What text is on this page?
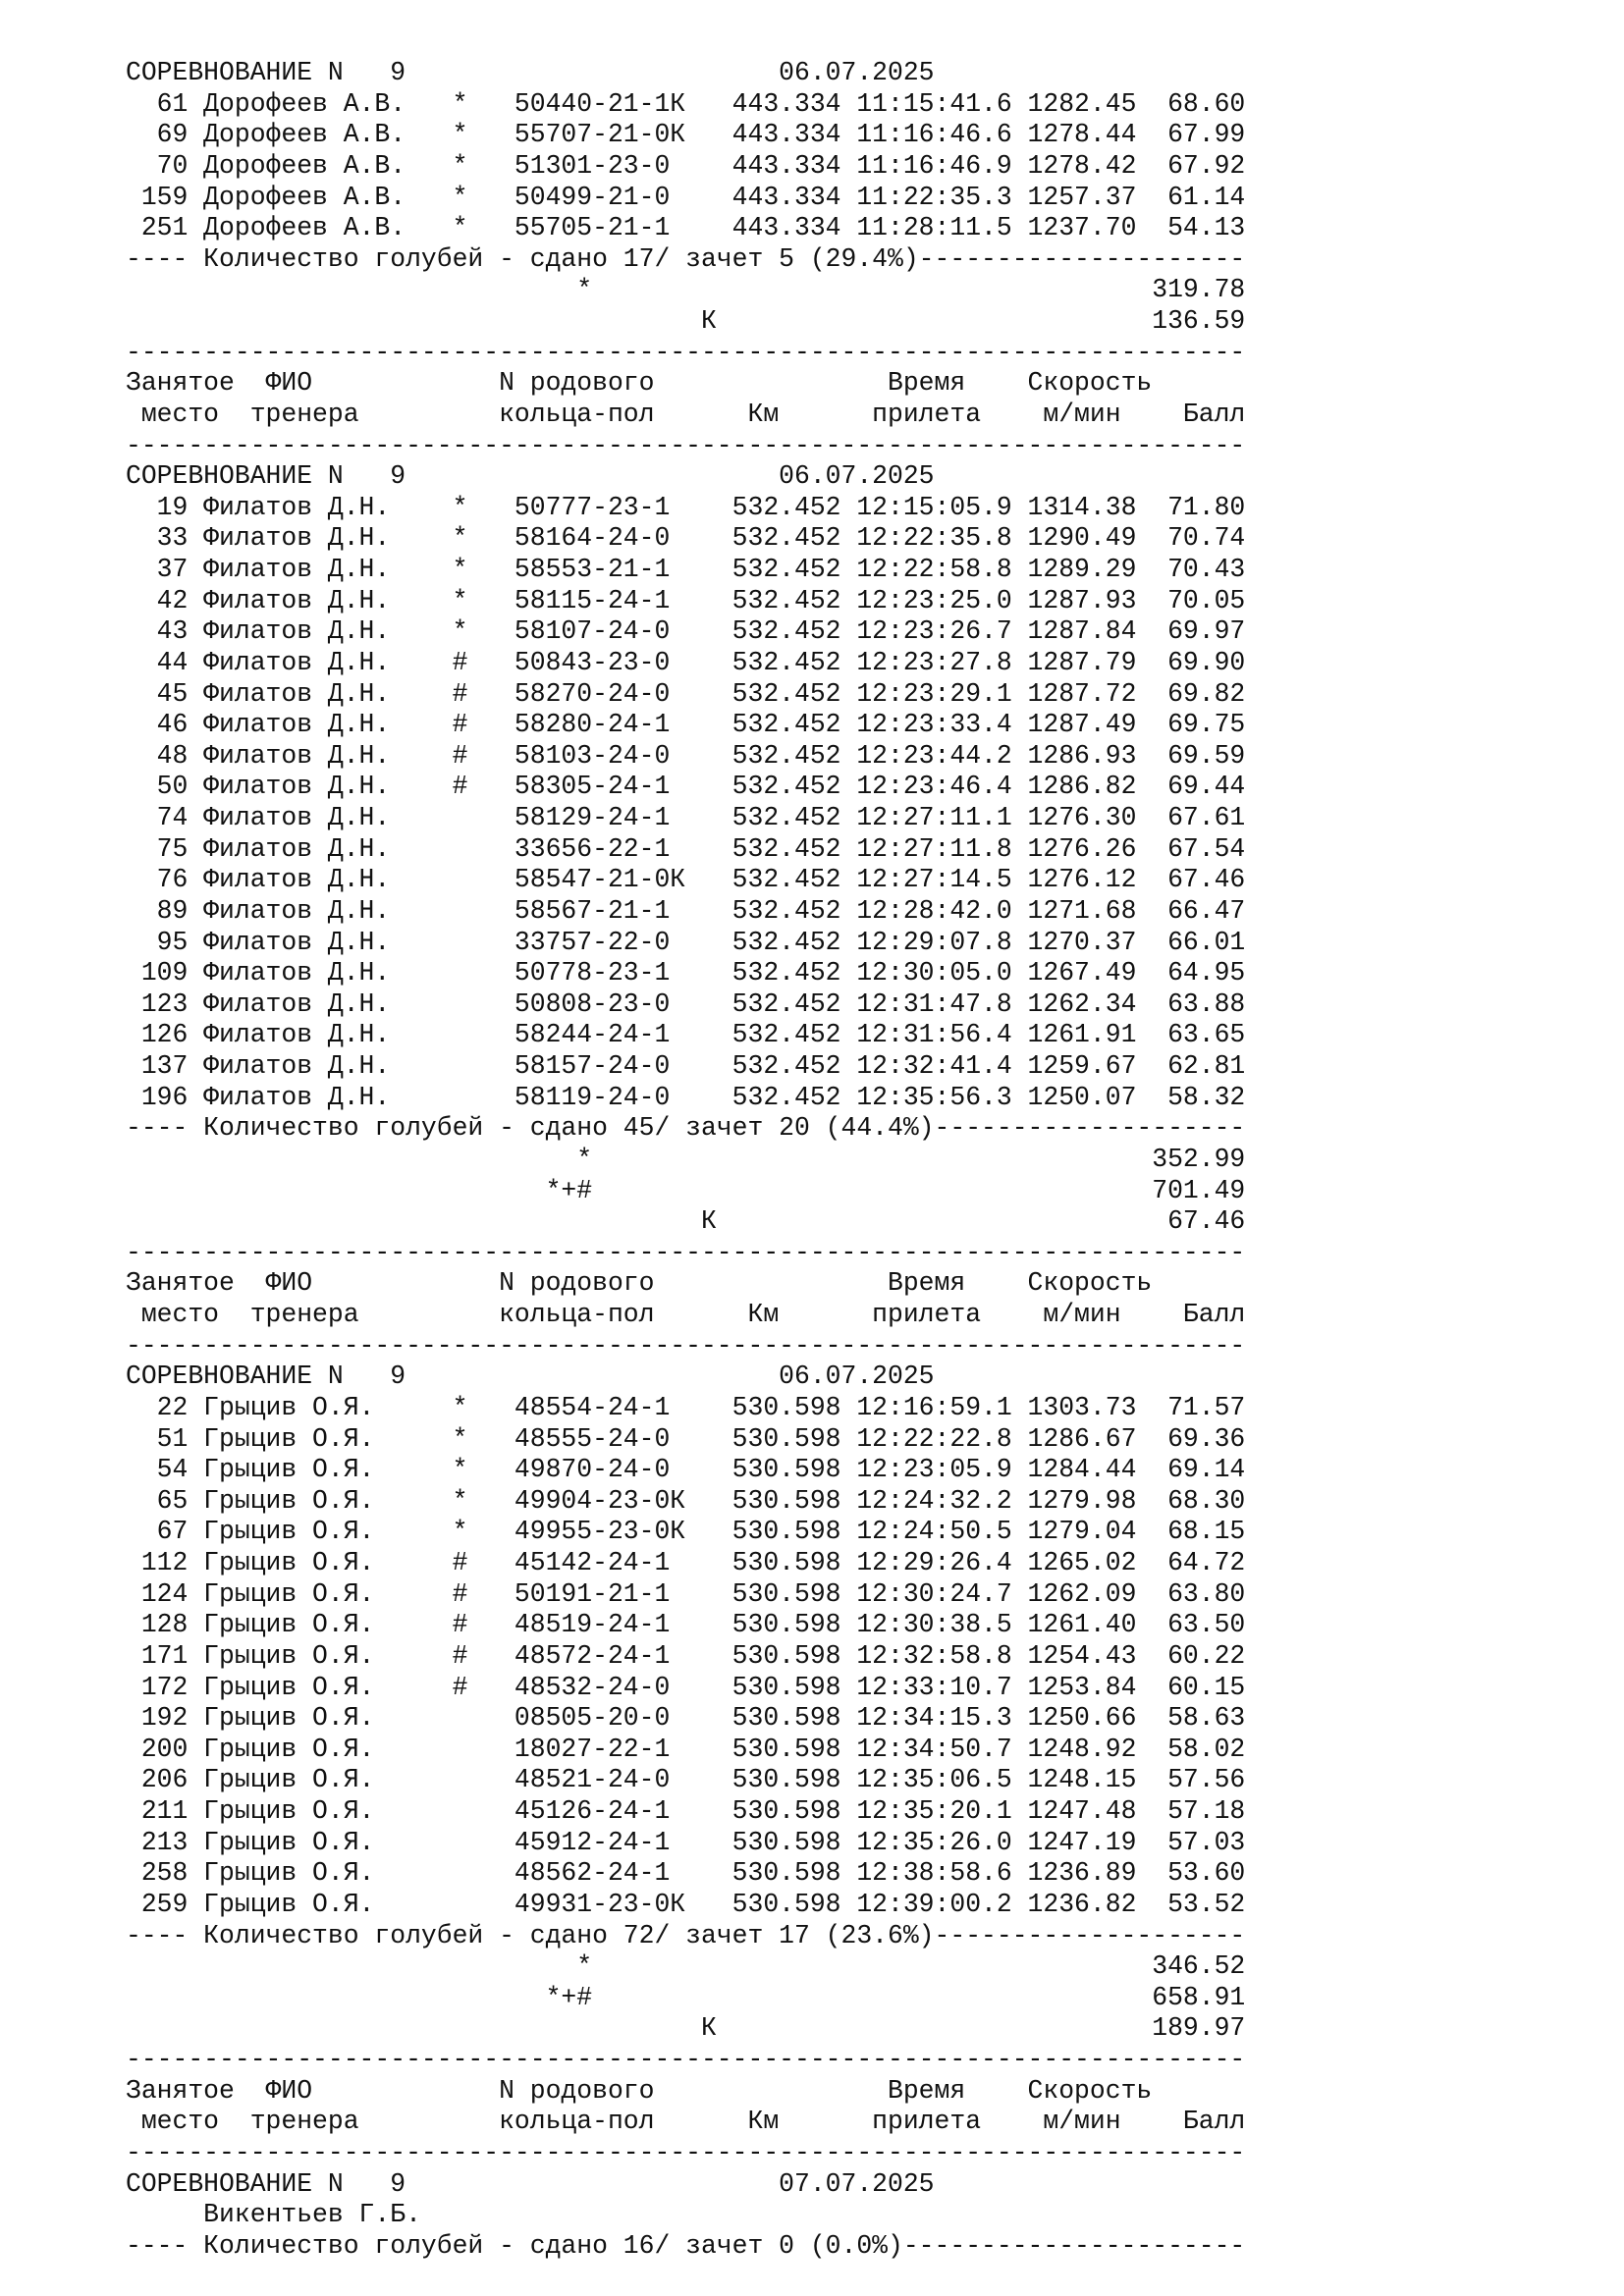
СОРЕВНОВАНИЕ N   9                        06.07.2025
61 Дорофеев А.В.   *   50440-21-1К   443.334 11:15:41.6 1282.45  68.60
69 Дорофеев А.В.   *   55707-21-0К   443.334 11:16:46.6 1278.44  67.99
70 Дорофеев А.В.   *   51301-23-0    443.334 11:16:46.9 1278.42  67.92
159 Дорофеев А.В.   *   50499-21-0    443.334 11:22:35.3 1257.37  61.14
251 Дорофеев А.В.   *   55705-21-1    443.334 11:28:11.5 1237.70  54.13
---- Количество голубей - сдано 17/ зачет 5 (29.4%)---------------------
*                                    319.78
К                            136.59
------------------------------------------------------------------------
Занятое  ФИО            N родового               Время    Скорость
место  тренера         кольца-пол      Км      прилета    м/мин    Балл
------------------------------------------------------------------------
СОРЕВНОВАНИЕ N   9                        06.07.2025
19 Филатов Д.Н.    *   50777-23-1    532.452 12:15:05.9 1314.38  71.80
33 Филатов Д.Н.    *   58164-24-0    532.452 12:22:35.8 1290.49  70.74
37 Филатов Д.Н.    *   58553-21-1    532.452 12:22:58.8 1289.29  70.43
42 Филатов Д.Н.    *   58115-24-1    532.452 12:23:25.0 1287.93  70.05
43 Филатов Д.Н.    *   58107-24-0    532.452 12:23:26.7 1287.84  69.97
44 Филатов Д.Н.    #   50843-23-0    532.452 12:23:27.8 1287.79  69.90
45 Филатов Д.Н.    #   58270-24-0    532.452 12:23:29.1 1287.72  69.82
46 Филатов Д.Н.    #   58280-24-1    532.452 12:23:33.4 1287.49  69.75
48 Филатов Д.Н.    #   58103-24-0    532.452 12:23:44.2 1286.93  69.59
50 Филатов Д.Н.    #   58305-24-1    532.452 12:23:46.4 1286.82  69.44
74 Филатов Д.Н.        58129-24-1    532.452 12:27:11.1 1276.30  67.61
75 Филатов Д.Н.        33656-22-1    532.452 12:27:11.8 1276.26  67.54
76 Филатов Д.Н.        58547-21-0К   532.452 12:27:14.5 1276.12  67.46
89 Филатов Д.Н.        58567-21-1    532.452 12:28:42.0 1271.68  66.47
95 Филатов Д.Н.        33757-22-0    532.452 12:29:07.8 1270.37  66.01
109 Филатов Д.Н.        50778-23-1    532.452 12:30:05.0 1267.49  64.95
123 Филатов Д.Н.        50808-23-0    532.452 12:31:47.8 1262.34  63.88
126 Филатов Д.Н.        58244-24-1    532.452 12:31:56.4 1261.91  63.65
137 Филатов Д.Н.        58157-24-0    532.452 12:32:41.4 1259.67  62.81
196 Филатов Д.Н.        58119-24-0    532.452 12:35:56.3 1250.07  58.32
---- Количество голубей - сдано 45/ зачет 20 (44.4%)--------------------
*                                    352.99
*+#                                    701.49
К                             67.46
------------------------------------------------------------------------
Занятое  ФИО            N родового               Время    Скорость
место  тренера         кольца-пол      Км      прилета    м/мин    Балл
------------------------------------------------------------------------
СОРЕВНОВАНИЕ N   9                        06.07.2025
22 Грыцив О.Я.     *   48554-24-1    530.598 12:16:59.1 1303.73  71.57
51 Грыцив О.Я.     *   48555-24-0    530.598 12:22:22.8 1286.67  69.36
54 Грыцив О.Я.     *   49870-24-0    530.598 12:23:05.9 1284.44  69.14
65 Грыцив О.Я.     *   49904-23-0К   530.598 12:24:32.2 1279.98  68.30
67 Грыцив О.Я.     *   49955-23-0К   530.598 12:24:50.5 1279.04  68.15
112 Грыцив О.Я.     #   45142-24-1    530.598 12:29:26.4 1265.02  64.72
124 Грыцив О.Я.     #   50191-21-1    530.598 12:30:24.7 1262.09  63.80
128 Грыцив О.Я.     #   48519-24-1    530.598 12:30:38.5 1261.40  63.50
171 Грыцив О.Я.     #   48572-24-1    530.598 12:32:58.8 1254.43  60.22
172 Грыцив О.Я.     #   48532-24-0    530.598 12:33:10.7 1253.84  60.15
192 Грыцив О.Я.         08505-20-0    530.598 12:34:15.3 1250.66  58.63
200 Грыцив О.Я.         18027-22-1    530.598 12:34:50.7 1248.92  58.02
206 Грыцив О.Я.         48521-24-0    530.598 12:35:06.5 1248.15  57.56
211 Грыцив О.Я.         45126-24-1    530.598 12:35:20.1 1247.48  57.18
213 Грыцив О.Я.         45912-24-1    530.598 12:35:26.0 1247.19  57.03
258 Грыцив О.Я.         48562-24-1    530.598 12:38:58.6 1236.89  53.60
259 Грыцив О.Я.         49931-23-0К   530.598 12:39:00.2 1236.82  53.52
---- Количество голубей - сдано 72/ зачет 17 (23.6%)--------------------
*                                    346.52
*+#                                    658.91
К                            189.97
------------------------------------------------------------------------
Занятое  ФИО            N родового               Время    Скорость
место  тренера         кольца-пол      Км      прилета    м/мин    Балл
------------------------------------------------------------------------
СОРЕВНОВАНИЕ N   9                        07.07.2025
Викентьев Г.Б.
---- Количество голубей - сдано 16/ зачет 0 (0.0%)----------------------
